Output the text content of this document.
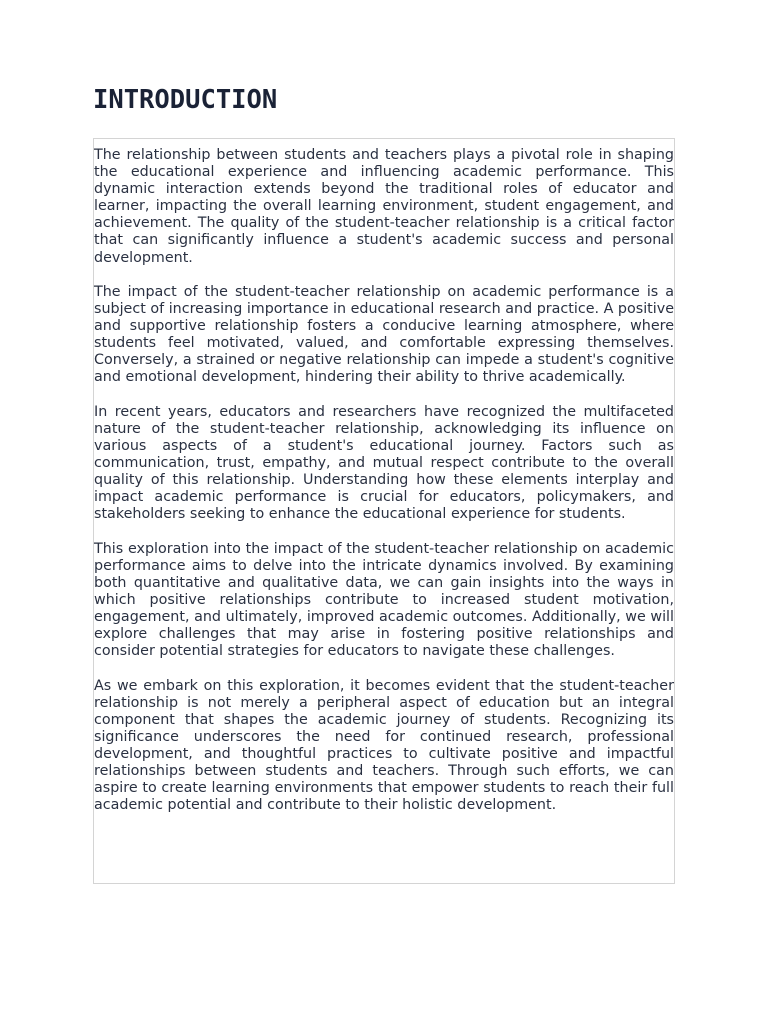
INTRODUCTION

The relationship between students and teachers plays a pivotal role in shaping the educational experience and influencing academic performance. This dynamic interaction extends beyond the traditional roles of educator and learner, impacting the overall learning environment, student engagement, and achievement. The quality of the student-teacher relationship is a critical factor that can significantly influence a student's academic success and personal development.

The impact of the student-teacher relationship on academic performance is a subject of increasing importance in educational research and practice. A positive and supportive relationship fosters a conducive learning atmosphere, where students feel motivated, valued, and comfortable expressing themselves. Conversely, a strained or negative relationship can impede a student's cognitive and emotional development, hindering their ability to thrive academically.

In recent years, educators and researchers have recognized the multifaceted nature of the student-teacher relationship, acknowledging its influence on various aspects of a student's educational journey. Factors such as communication, trust, empathy, and mutual respect contribute to the overall quality of this relationship. Understanding how these elements interplay and impact academic performance is crucial for educators, policymakers, and stakeholders seeking to enhance the educational experience for students.

This exploration into the impact of the student-teacher relationship on academic performance aims to delve into the intricate dynamics involved. By examining both quantitative and qualitative data, we can gain insights into the ways in which positive relationships contribute to increased student motivation, engagement, and ultimately, improved academic outcomes. Additionally, we will explore challenges that may arise in fostering positive relationships and consider potential strategies for educators to navigate these challenges.

As we embark on this exploration, it becomes evident that the student-teacher relationship is not merely a peripheral aspect of education but an integral component that shapes the academic journey of students. Recognizing its significance underscores the need for continued research, professional development, and thoughtful practices to cultivate positive and impactful relationships between students and teachers. Through such efforts, we can aspire to create learning environments that empower students to reach their full academic potential and contribute to their holistic development.
